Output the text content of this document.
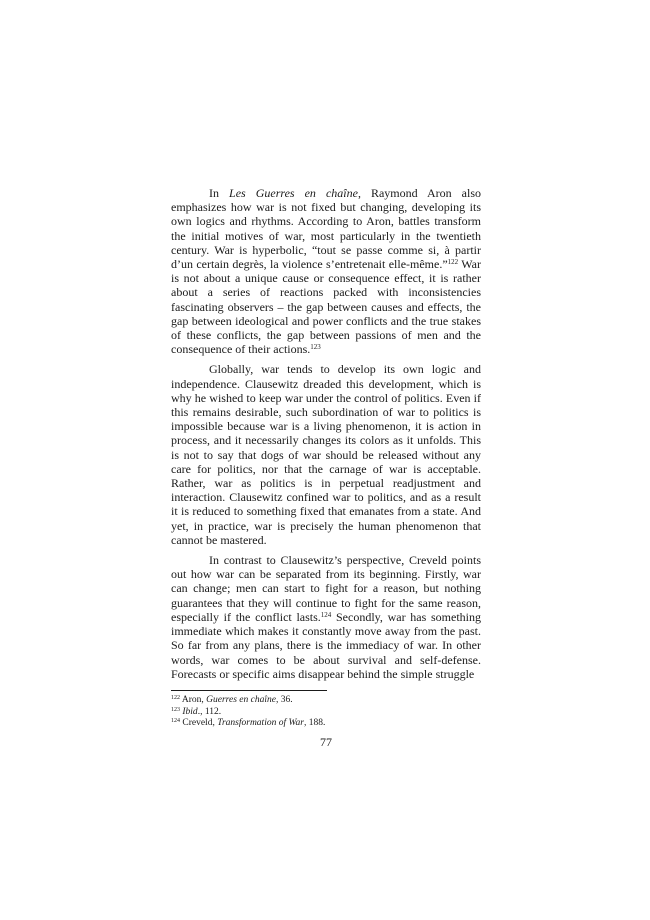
In Les Guerres en chaîne, Raymond Aron also emphasizes how war is not fixed but changing, developing its own logics and rhythms. According to Aron, battles transform the initial motives of war, most particularly in the twentieth century. War is hyperbolic, “tout se passe comme si, à partir d’un certain degrès, la violence s’entretenait elle-même.”$^{122}$ War is not about a unique cause or consequence effect, it is rather about a series of reactions packed with inconsistencies fascinating observers – the gap between causes and effects, the gap between ideological and power conflicts and the true stakes of these conflicts, the gap between passions of men and the consequence of their actions.$^{123}$

Globally, war tends to develop its own logic and independence. Clausewitz dreaded this development, which is why he wished to keep war under the control of politics. Even if this remains desirable, such subordination of war to politics is impossible because war is a living phenomenon, it is action in process, and it necessarily changes its colors as it unfolds. This is not to say that dogs of war should be released without any care for politics, nor that the carnage of war is acceptable. Rather, war as politics is in perpetual readjustment and interaction. Clausewitz confined war to politics, and as a result it is reduced to something fixed that emanates from a state. And yet, in practice, war is precisely the human phenomenon that cannot be mastered.

In contrast to Clausewitz’s perspective, Creveld points out how war can be separated from its beginning. Firstly, war can change; men can start to fight for a reason, but nothing guarantees that they will continue to fight for the same reason, especially if the conflict lasts.$^{124}$ Secondly, war has something immediate which makes it constantly move away from the past. So far from any plans, there is the immediacy of war. In other words, war comes to be about survival and self-defense. Forecasts or specific aims disappear behind the simple struggle

$^{122}$ Aron, Guerres en chaîne, 36.

$^{123}$ Ibid., 112.

$^{124}$ Creveld, Transformation of War, 188.

77
